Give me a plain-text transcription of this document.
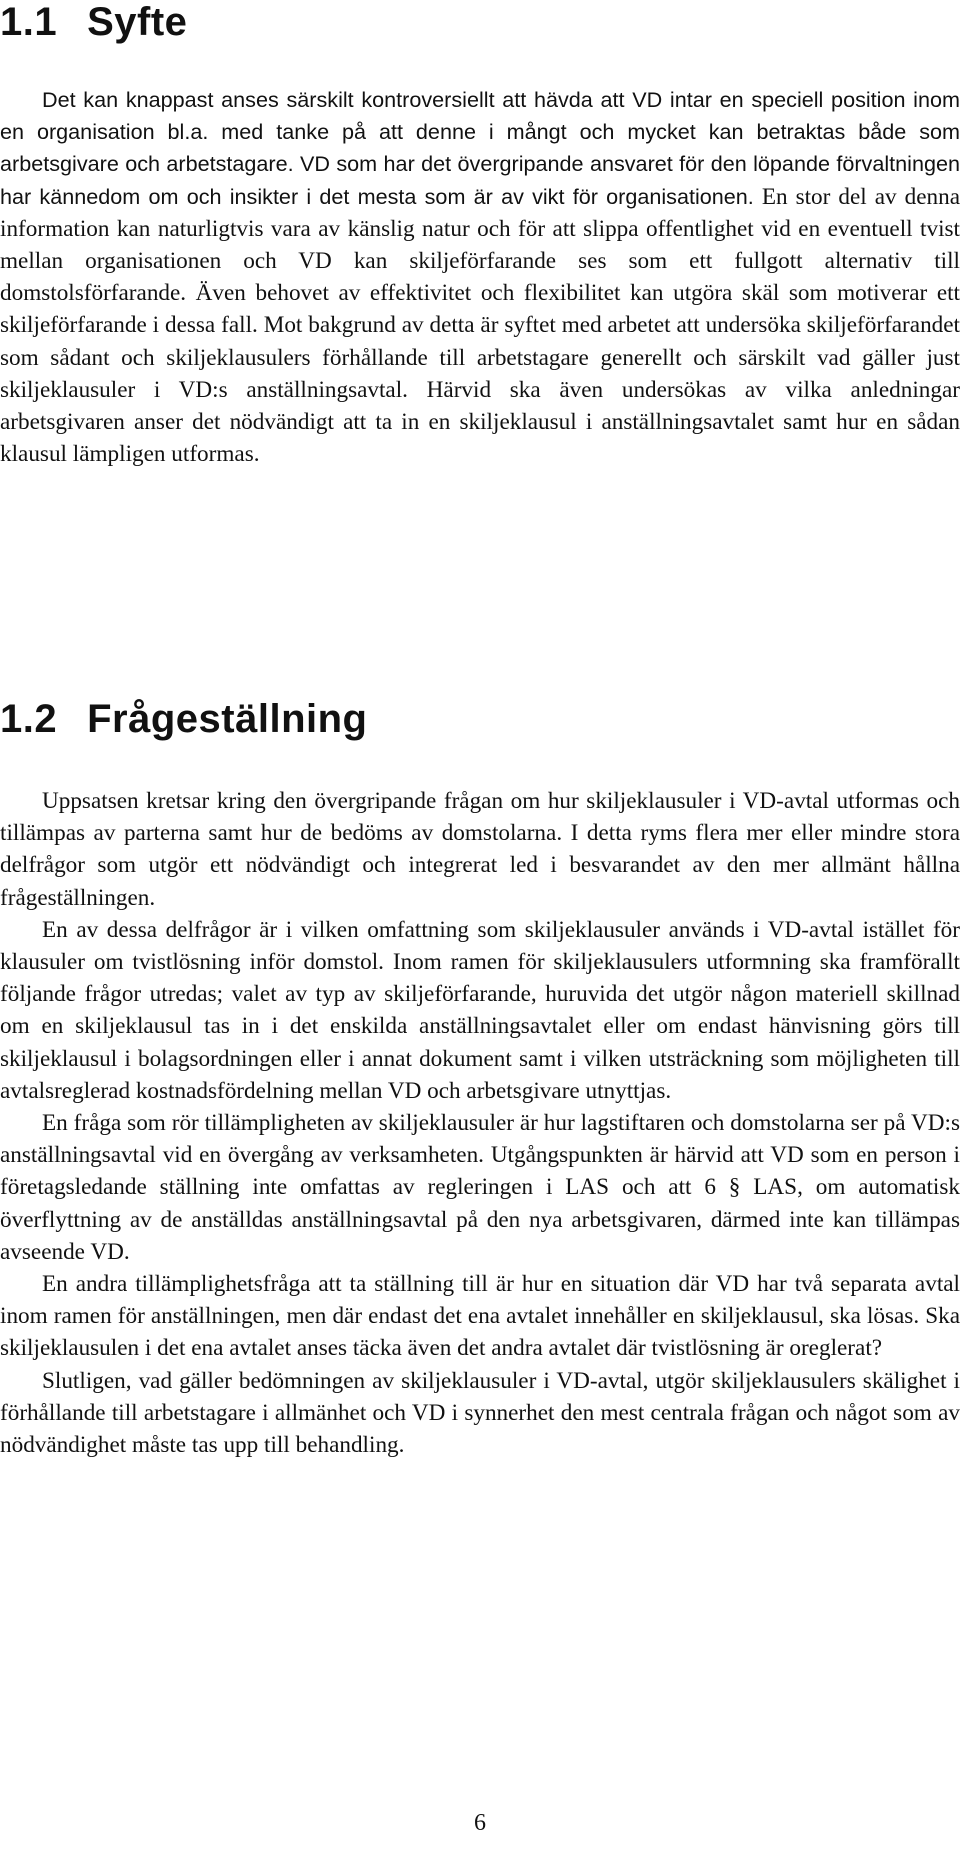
1.1 Syfte

Det kan knappast anses särskilt kontroversiellt att hävda att VD intar en speciell position inom en organisation bl.a. med tanke på att denne i mångt och mycket kan betraktas både som arbetsgivare och arbetstagare. VD som har det övergripande ansvaret för den löpande förvaltningen har kännedom om och insikter i det mesta som är av vikt för organisationen. En stor del av denna information kan naturligtvis vara av känslig natur och för att slippa offentlighet vid en eventuell tvist mellan organisationen och VD kan skiljeförfarande ses som ett fullgott alternativ till domstolsförfarande. Även behovet av effektivitet och flexibilitet kan utgöra skäl som motiverar ett skiljeförfarande i dessa fall. Mot bakgrund av detta är syftet med arbetet att undersöka skiljeförfarandet som sådant och skiljeklausulers förhållande till arbetstagare generellt och särskilt vad gäller just skiljeklausuler i VD:s anställningsavtal. Härvid ska även undersökas av vilka anledningar arbetsgivaren anser det nödvändigt att ta in en skiljeklausul i anställningsavtalet samt hur en sådan klausul lämpligen utformas.

1.2 Frågeställning

Uppsatsen kretsar kring den övergripande frågan om hur skiljeklausuler i VD-avtal utformas och tillämpas av parterna samt hur de bedöms av domstolarna. I detta ryms flera mer eller mindre stora delfrågor som utgör ett nödvändigt och integrerat led i besvarandet av den mer allmänt hållna frågeställningen.

En av dessa delfrågor är i vilken omfattning som skiljeklausuler används i VD-avtal istället för klausuler om tvistlösning inför domstol. Inom ramen för skiljeklausulers utformning ska framförallt följande frågor utredas; valet av typ av skiljeförfarande, huruvida det utgör någon materiell skillnad om en skiljeklausul tas in i det enskilda anställningsavtalet eller om endast hänvisning görs till skiljeklausul i bolagsordningen eller i annat dokument samt i vilken utsträckning som möjligheten till avtalsreglerad kostnadsfördelning mellan VD och arbetsgivare utnyttjas.

En fråga som rör tillämpligheten av skiljeklausuler är hur lagstiftaren och domstolarna ser på VD:s anställningsavtal vid en övergång av verksamheten. Utgångspunkten är härvid att VD som en person i företagsledande ställning inte omfattas av regleringen i LAS och att 6 § LAS, om automatisk överflyttning av de anställdas anställningsavtal på den nya arbetsgivaren, därmed inte kan tillämpas avseende VD.

En andra tillämplighetsfråga att ta ställning till är hur en situation där VD har två separata avtal inom ramen för anställningen, men där endast det ena avtalet innehåller en skiljeklausul, ska lösas. Ska skiljeklausulen i det ena avtalet anses täcka även det andra avtalet där tvistlösning är oreglerat?

Slutligen, vad gäller bedömningen av skiljeklausuler i VD-avtal, utgör skiljeklausulers skälighet i förhållande till arbetstagare i allmänhet och VD i synnerhet den mest centrala frågan och något som av nödvändighet måste tas upp till behandling.

6
